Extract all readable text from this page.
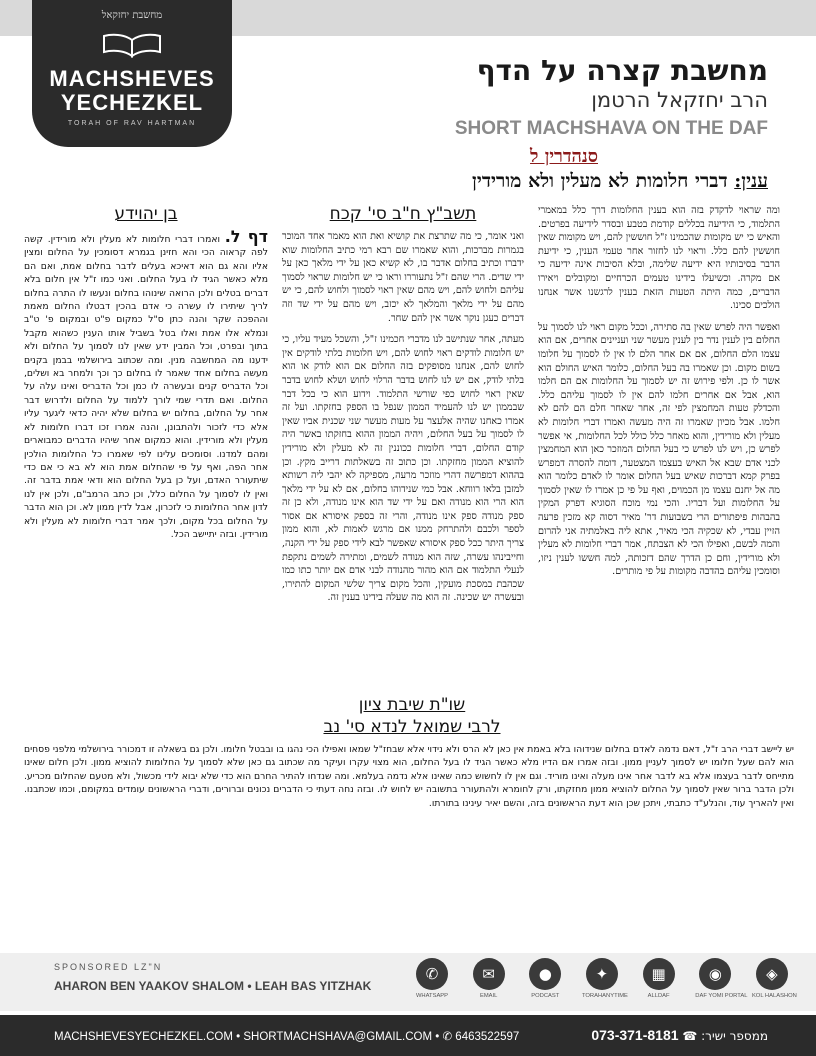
מחשבת יחזקאל
MACHSHEVES
YECHEZKEL
TORAH OF RAV HARTMAN
מחשבת קצרה על הדף
הרב יחזקאל הרטמן
SHORT MACHSHAVA ON THE DAF
סנהדרין ל
ענין: דברי חלומות לא מעלין ולא מורידין

ומה שראוי לדקדק בזה הוא בענין החלומות דרך כלל במאמרי התלמוד, כי הידיעה בכללים קודמת בטבע ובסדר לידיעה בפרטים. והאיש כי יש מקומות שהכמינו ז"ל חוששין להם, ויש מקומות שאין חוששין להם כלל. וראוי לנו לחזור אחר טעמי הענין, כי ידיעת הדבר בסיבותיו היא ידיעה שלימה, ובלא הסיבות אינה ידיעה כי אם מקרה. וכשיעלו בידינו טעמים הכרחיים ומקובלים ויאירו הדברים, כמה היתה הטעות הזאת בענין לרגשנו אשר אנחנו הולכים סכינו.

ואפשר היה לפרש שאין בה סתירה, וככל מקום ראוי לנו לסמוך על החלום בין לענין נדר בין לענין מעשר שני ועניינים אחרים, אם הוא עצמו הלם החלום, אם אם אחר הלם לו אין לו לסמוך על חלומו בשום מקום. וכן שאמרו בה בעל החלום, כלומר האיש החולם הוא אשר לו כן. ולפי פירוש זה יש לסמוך על החלומות אם הם חלמו הוא, אבל אם אחרים חלמו להם אין לו לסמוך עליהם כלל. והכדלק טעות המחמצין לפי זה, אחר שאחר חלם הם להם לא חלמו. אבל מכיון שאמרו זה היה מעשה ואמרו דברי חלומות לא מעלין ולא מורידין, והוא מאחר כלל כולל לכל החלומות, אי אפשר לפרש כן, ויש לנו לפרש כי בעל החלום המוזכר כאן הוא המחמצין לכני אדם שבא אל האיש בעצמו המצטער, דומה להסרה דמפרש בפרק קמא דברכות שאיש בעל החלום אומר לו לאדם כלומר הוא מה אל יחנם עצמו מן הכמוים, ואף על פי כן אמרו לו שאין לסמוך על החלומות ועל דבריו. והכי נמי מוכח הסוגיא דפרק המקין בהבהות פיפתורים הרי בשבועות דר' מאיר דסוה קא מזכין פרעה הזיין עבדי, לא שכקיה הכי מאיר, אתא ליה באלמתיה אני להרום והמה לבשם, ואפילו הכי לא הצבתח, אמר דברי חלומות לא מעלין ולא מורידין, וחם כן הדרך שהם דזכותה, למה חששו לענין ניזו, וסומכין עליהם בהדבה מקומות על פי מותרים.

תשב"ץ ח"ב סי' קכח

ואני אומר, כי מה שתרצת את קושיא ואת הוא מאמר אחד המוכר בגמרות מברכות, והוא שאמרו שם רבא רמי כתיב החלומות שוא ידברו וכתיב בחלום אדבר בו, לא קשיא כאן על ידי מלאך כאן על ידי שדים. הרי שהם ז"ל נתעוררו וראו כי יש חלומות שראוי לסמוך עליהם ולחוש להם, ויש מהם שאין ראוי לסמוך ולחוש להם, כי יש מהם על ידי מלאך והמלאך לא יכזב, ויש מהם על ידי שד וזה דברים כעגן נוקר אשר אין להם שחר.

מעתה, אחר שנתישב לנו מדברי חכמינו ז"ל, והשכל מעיד עליו, כי יש חלומות לודקים ראוי לחוש להם, ויש חלומות בלתי לודקים אין לחוש להם, אנחנו מסופקים בזה החלום אם הוא לודק או הוא בלתי לודק, אם יש לנו לחוש בדבר הרלוי לחוש ושלא לחוש בדבר שאין ראוי לחוש כפי שורשי התלמוד. וידוע הוא כי בכל דבר שבממון יש לנו להעמיד הממון שנפל בו הספק בחזקתו. ועל זה אמרו כאחנו שהיה אלעצר על מעות מעשר שני שכנית אביו שאין לו לסמוך על בעל החלום, ויהיה הממון ההוא בחזקתו באשר היה קודם החלום, דברי חלומות ככוננין זה לא מעלין ולא מורידין להוציא הממון מחזקתו. וכן כתוב זה בשאלתות דרייב מקץ. וכן בההוא דמפרשה דהרי מוזכר מרעה, מספיקה לא יהבי ליה רשותא למזבן בלאו רווחא. אבל כמי שנידוהו בחלום, אם לא על ידי מלאך הוא הרי הוא מנודה ואם על ידי שד הוא אינו מנודה, ולא כן זה ספק מנודה ספק אינו מנודה, והרי זה בספק איסורא אם אסור לספר ולכבם ולהתרחק ממנו אם מרגש לאמות לא, והוא ממון צריך היתר ככל ספק איסורא שאפשר לבא לידי ספק על ידי הקנה, וחייבינהו עשרה, שזה הוא מנודה לשמים, ומתירה לשמים נתקפת לנעלי התלמוד אם הוא מהור מהנודה לבני אדם אם יותר כתו כמו שכהבת במסכת מועקין, והכל מקום צריך שלשי המקום להתירו, ובעשרה יש שכינה. זה הוא מה שעלה בידינו בענין זה.

בן יהוידע

דף ל. ואמרו דברי חלומות לא מעלין ולא מורידין. קשה לפה קראוה הכי והא חזינן בגמרא דסומכין על החלום ומצין אליו והא גם הוא דאיכא בעלים לדבר בחלום אמת, ואם הם מלא כאשר הגיד לו בעל החלום. ואני כמו ז"ל אין חלום בלא דברים בטלים ולכן הרואה שינוהו בחלום ונעשו לו התרה בחלום לריך שיתירו לו עשרה כי אדם בהכין דבטלו החלום מאמת וההפכה שקר והנה כתן ס"ל כמקום פ"ט ובמקום פ' ט"ב ונמלא אלו אמת ואלו בטל בשביל אותו הענין כשהוא מקבל בתוך ובפרט, וכל המבין ידע שאין לנו לסמוך על החלום ולא ידענו מה המחשבה מנין. ומה שכתוב בירושלמי בבמן בקנים מעשה בחלום אחד שאמר לו בחלום כך וכך ולמחר בא ושלים, וכל הדבריס קנים ובעשרה לו כמן וכל הדבריס ואינו עלה על החלום. ואם תדרי שמי לורך ללמוד על החלום ולדרוש דבר אחר על החלום, בחלום יש בחלום שלא יהיה כדאי ליגער עליו אלא כדי לזכור ולהתבונן, והנה אמרו זכו דברו חלומות לא מעלין ולא מורידין. והוא כמקום אחר שיהיו הדברים כמבוארים ומהם למדנו. וסומכים עלינו לפי שאמרו כל החלומות הולכין אחר הפה, ואף על פי שהחלום אמת הוא לא בא כי אם כדי שיתעורר האדם, ועל כן בעל החלום הוא ודאי אמת בדבר זה. ואין לו לסמוך על החלום כלל, וכן כתב הרמב"ם, ולכן אין לנו לדון אחר החלומות כי לזכרון, אבל לדין ממון לא. וכן הוא הדבר על החלום בכל מקום, ולכך אמר דברי חלומות לא מעלין ולא מורידין. ובזה יתיישב הכל.

שו"ת שיבת ציון
לרבי שמואל לנדא סי' נב

יש ליישב דברי הרב ז"ל, דאם נדמה לאדם בחלום שנידוהו בלא באמת אין כאן לא הרס ולא נידוי אלא שבחז"ל שמאו ואפילו הכי נהגו בו ובבטל חלומו. ולכן גם בשאלה זו דמכורר בירושלמי מלפני פסחים הוא להם שעל חלומו יש לסמוך לעניין ממון. ובזה אמרו אם הדיו מלא כאשר הגיד לו בעל החלום, הוא מצוי עקרו ועיקר מה שכתוב גם כאן שלא לסמוך על החלומות להוציא ממון. ולכן חלום שאינו מתייחס לדבר בעצמו אלא בא לדבר אחר אינו מעלה ואינו מוריד. וגם אין לו לחשוש כמה שאינו אלא נדמה בעלמא. ומה שנדחו להתיר החרם הוא כדי שלא יבוא לידי מכשול, ולא מטעם שהחלום מכריע. ולכן הדבר ברור שאין לסמוך על החלום להוציא ממון מחזקתו, ורק לחומרא ולהתעורר בתשובה יש לחוש לו. ובזה נחה דעתי כי הדברים נכונים וברורים, ודברי הראשונים עומדים במקומם, וכמו שכתבנו. ואין להאריך עוד, והנלע"ד כתבתי, ויתכן שכן הוא דעת הראשונים בזה, והשם יאיר עינינו בתורתו.

SPONSORED LZ"N
AHARON BEN YAAKOV SHALOM • LEAH BAS YITZHAK
✆
WHATSAPP
✉
EMAIL
●
PODCAST
✦
TORAHANYTIME
▦
ALLDAF
◉
DAF YOMI PORTAL
◈
KOL HALASHON
MACHSHEVESYECHEZKEL.COM • SHORTMACHSHAVA@GMAIL.COM • ✆ 6463522597	ממספר ישיר: ☎ 073-371-8181
